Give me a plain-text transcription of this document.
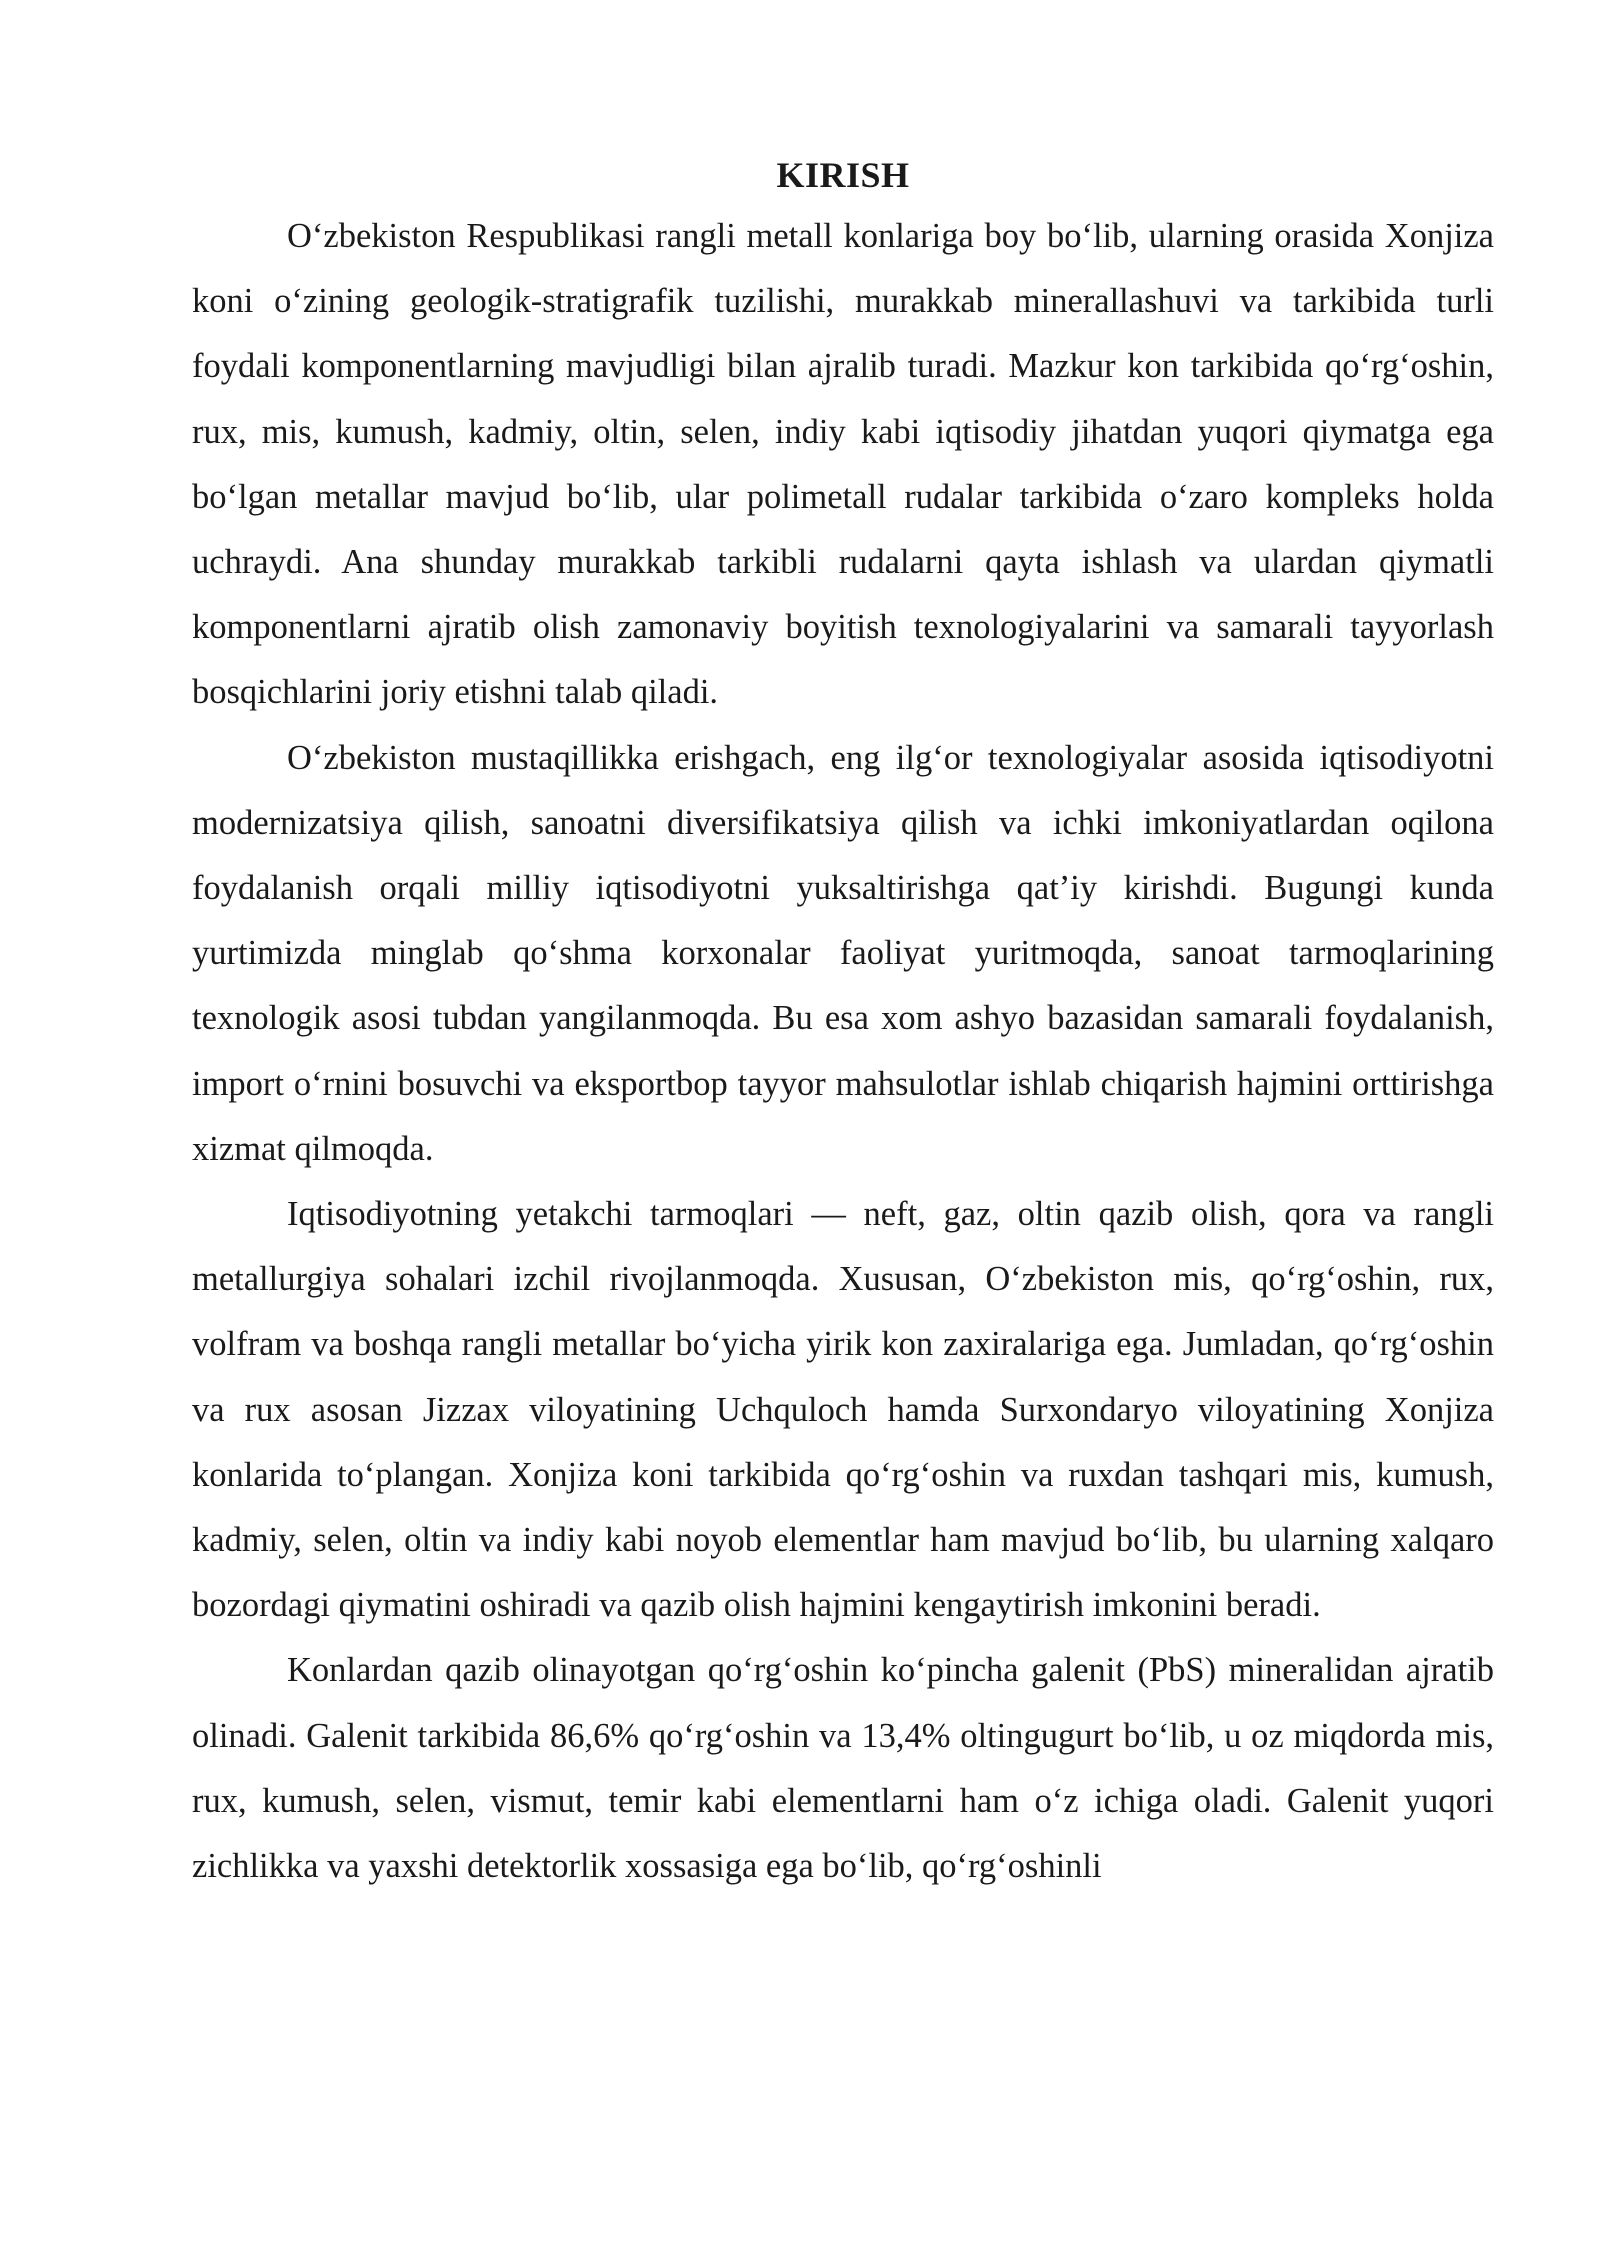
KIRISH

O‘zbekiston Respublikasi rangli metall konlariga boy bo‘lib, ularning orasida Xonjiza koni o‘zining geologik-stratigrafik tuzilishi, murakkab minerallashuvi va tarkibida turli foydali komponentlarning mavjudligi bilan ajralib turadi. Mazkur kon tarkibida qo‘rg‘oshin, rux, mis, kumush, kadmiy, oltin, selen, indiy kabi iqtisodiy jihatdan yuqori qiymatga ega bo‘lgan metallar mavjud bo‘lib, ular polimetall rudalar tarkibida o‘zaro kompleks holda uchraydi. Ana shunday murakkab tarkibli rudalarni qayta ishlash va ulardan qiymatli komponentlarni ajratib olish zamonaviy boyitish texnologiyalarini va samarali tayyorlash bosqichlarini joriy etishni talab qiladi.

O‘zbekiston mustaqillikka erishgach, eng ilg‘or texnologiyalar asosida iqtisodiyotni modernizatsiya qilish, sanoatni diversifikatsiya qilish va ichki imkoniyatlardan oqilona foydalanish orqali milliy iqtisodiyotni yuksaltirishga qat’iy kirishdi. Bugungi kunda yurtimizda minglab qo‘shma korxonalar faoliyat yuritmoqda, sanoat tarmoqlarining texnologik asosi tubdan yangilanmoqda. Bu esa xom ashyo bazasidan samarali foydalanish, import o‘rnini bosuvchi va eksportbop tayyor mahsulotlar ishlab chiqarish hajmini orttirishga xizmat qilmoqda.

Iqtisodiyotning yetakchi tarmoqlari — neft, gaz, oltin qazib olish, qora va rangli metallurgiya sohalari izchil rivojlanmoqda. Xususan, O‘zbekiston mis, qo‘rg‘oshin, rux, volfram va boshqa rangli metallar bo‘yicha yirik kon zaxiralariga ega. Jumladan, qo‘rg‘oshin va rux asosan Jizzax viloyatining Uchquloch hamda Surxondaryo viloyatining Xonjiza konlarida to‘plangan. Xonjiza koni tarkibida qo‘rg‘oshin va ruxdan tashqari mis, kumush, kadmiy, selen, oltin va indiy kabi noyob elementlar ham mavjud bo‘lib, bu ularning xalqaro bozordagi qiymatini oshiradi va qazib olish hajmini kengaytirish imkonini beradi.

Konlardan qazib olinayotgan qo‘rg‘oshin ko‘pincha galenit (PbS) mineralidan ajratib olinadi. Galenit tarkibida 86,6% qo‘rg‘oshin va 13,4% oltingugurt bo‘lib, u oz miqdorda mis, rux, kumush, selen, vismut, temir kabi elementlarni ham o‘z ichiga oladi. Galenit yuqori zichlikka va yaxshi detektorlik xossasiga ega bo‘lib, qo‘rg‘oshinli
